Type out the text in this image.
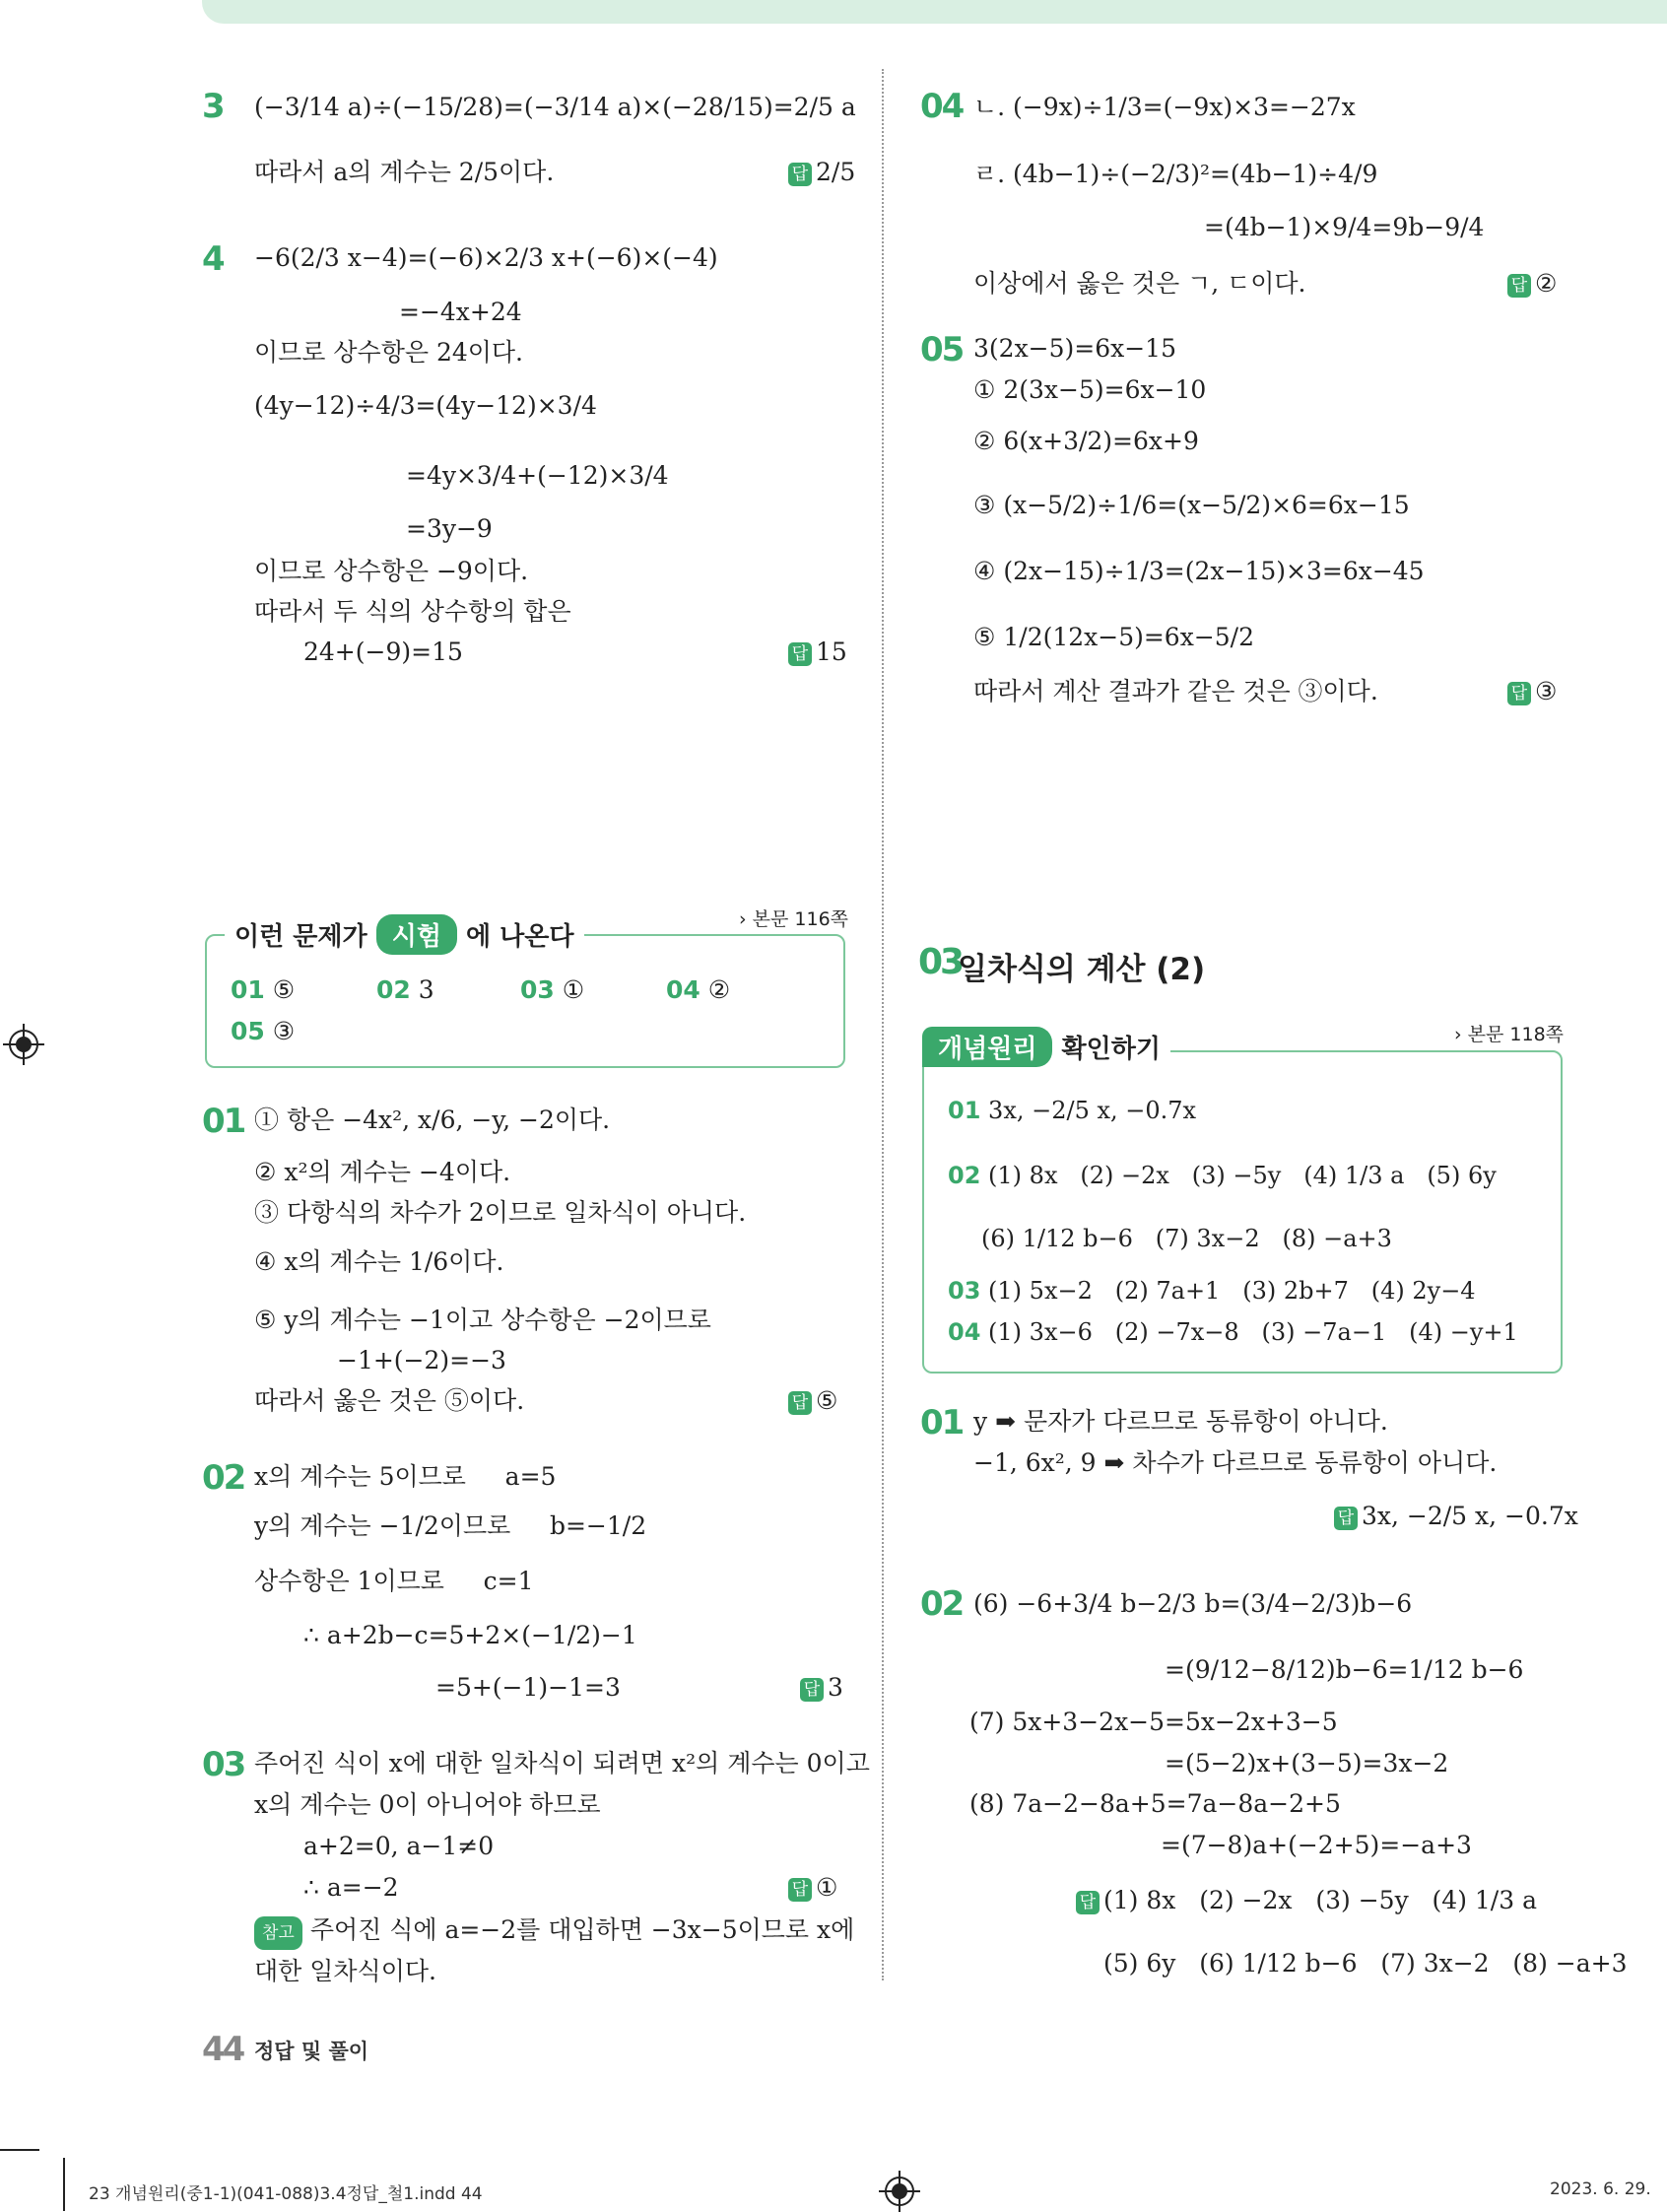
3 (−3/14 a)÷(−15/28)=(−3/14 a)×(−28/15)=2/5 a
따라서 a의 계수는 2/5이다.	답 2/5
4 −6(2/3 x−4)=(−6)×2/3 x+(−6)×(−4)
=−4x+24
이므로 상수항은 24이다.
(4y−12)÷4/3=(4y−12)×3/4
=4y×3/4+(−12)×3/4
=3y−9
이므로 상수항은 −9이다.
따라서 두 식의 상수항의 합은
24+(−9)=15	답 15
이런 문제가 시험 에 나온다
› 본문 116쪽
01 ⑤	02 3	03 ①	04 ②
05 ③
01 ① 항은 −4x², x/6, −y, −2이다.
② x²의 계수는 −4이다.
③ 다항식의 차수가 2이므로 일차식이 아니다.
④ x의 계수는 1/6이다.
⑤ y의 계수는 −1이고 상수항은 −2이므로
−1+(−2)=−3
따라서 옳은 것은 ⑤이다.	답 ⑤
02 x의 계수는 5이므로     a=5
y의 계수는 −1/2이므로     b=−1/2
상수항은 1이므로     c=1
∴ a+2b−c=5+2×(−1/2)−1
=5+(−1)−1=3	답 3
03 주어진 식이 x에 대한 일차식이 되려면 x²의 계수는 0이고
x의 계수는 0이 아니어야 하므로
a+2=0, a−1≠0
∴ a=−2	답 ①
참고 주어진 식에 a=−2를 대입하면 −3x−5이므로 x에
대한 일차식이다.
04 ㄴ. (−9x)÷1/3=(−9x)×3=−27x
ㄹ. (4b−1)÷(−2/3)²=(4b−1)÷4/9
=(4b−1)×9/4=9b−9/4
이상에서 옳은 것은 ㄱ, ㄷ이다.	답 ②
05 3(2x−5)=6x−15
① 2(3x−5)=6x−10
② 6(x+3/2)=6x+9
③ (x−5/2)÷1/6=(x−5/2)×6=6x−15
④ (2x−15)÷1/3=(2x−15)×3=6x−45
⑤ 1/2(12x−5)=6x−5/2
따라서 계산 결과가 같은 것은 ③이다.	답 ③
03
일차식의 계산 (2)
개념원리 확인하기	› 본문 118쪽
01 3x, −2/5 x, −0.7x
02 (1) 8x   (2) −2x   (3) −5y   (4) 1/3 a   (5) 6y
(6) 1/12 b−6   (7) 3x−2   (8) −a+3
03 (1) 5x−2   (2) 7a+1   (3) 2b+7   (4) 2y−4
04 (1) 3x−6   (2) −7x−8   (3) −7a−1   (4) −y+1
01 y ➡ 문자가 다르므로 동류항이 아니다.
−1, 6x², 9 ➡ 차수가 다르므로 동류항이 아니다.
답 3x, −2/5 x, −0.7x
02 (6) −6+3/4 b−2/3 b=(3/4−2/3)b−6
=(9/12−8/12)b−6=1/12 b−6
(7) 5x+3−2x−5=5x−2x+3−5
=(5−2)x+(3−5)=3x−2
(8) 7a−2−8a+5=7a−8a−2+5
=(7−8)a+(−2+5)=−a+3
답 (1) 8x   (2) −2x   (3) −5y   (4) 1/3 a
(5) 6y   (6) 1/12 b−6   (7) 3x−2   (8) −a+3
44 정답 및 풀이
23 개념원리(중1-1)(041-088)3.4정답_철1.indd 44	2023. 6. 29.
